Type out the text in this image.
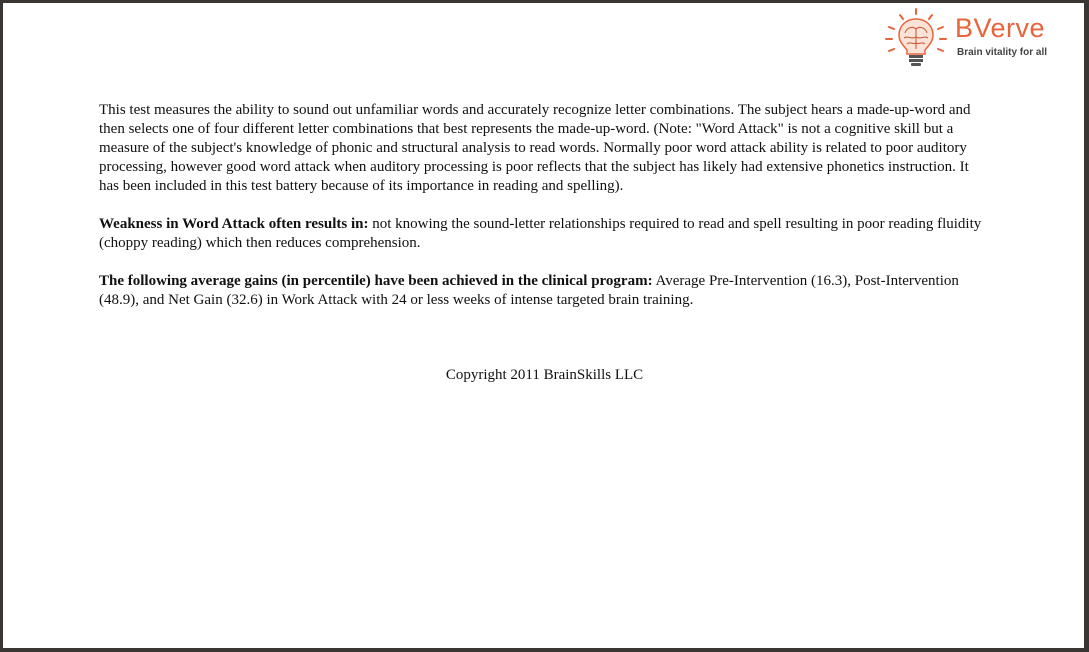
BVerve
Brain vitality for all

This test measures the ability to sound out unfamiliar words and accurately recognize letter combinations. The subject hears a made-up-word and then selects one of four different letter combinations that best represents the made-up-word. (Note: "Word Attack" is not a cognitive skill but a measure of the subject's knowledge of phonic and structural analysis to read words. Normally poor word attack ability is related to poor auditory processing, however good word attack when auditory processing is poor reflects that the subject has likely had extensive phonetics instruction. It has been included in this test battery because of its importance in reading and spelling).

Weakness in Word Attack often results in: not knowing the sound-letter relationships required to read and spell resulting in poor reading fluidity (choppy reading) which then reduces comprehension.

The following average gains (in percentile) have been achieved in the clinical program: Average Pre-Intervention (16.3), Post-Intervention (48.9), and Net Gain (32.6) in Work Attack with 24 or less weeks of intense targeted brain training.

Copyright 2011 BrainSkills LLC
